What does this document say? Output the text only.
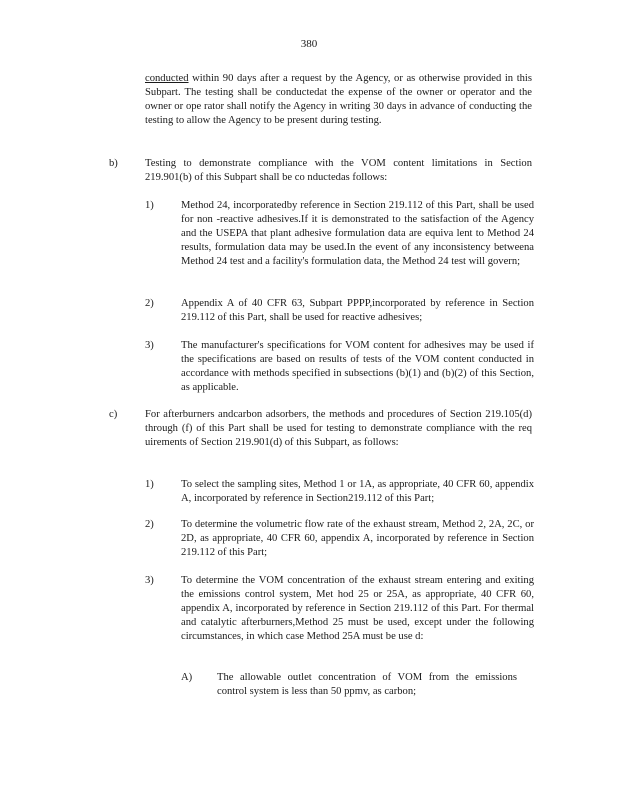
380
conducted within 90 days after a request by the Agency, or as otherwise provided in this Subpart. The testing shall be conductedat the expense of the owner or operator and the owner or ope rator shall notify the Agency in writing 30 days in advance of conducting the testing to allow the Agency to be present during testing.
b)	Testing to demonstrate compliance with the VOM content limitations in Section 219.901(b) of this Subpart shall be co nductedas follows:
1)	Method 24, incorporatedby reference in Section 219.112 of this Part, shall be used for non -reactive adhesives.If it is demonstrated to the satisfaction of the Agency and the USEPA that plant adhesive formulation data are equiva lent to Method 24 results, formulation data may be used.In the event of any inconsistency betweena Method 24 test and a facility's formulation data, the Method 24 test will govern;
2)	Appendix A of 40 CFR 63, Subpart PPPP,incorporated by reference in Section 219.112 of this Part, shall be used for reactive adhesives;
3)	The manufacturer's specifications for VOM content for adhesives may be used if the specifications are based on results of tests of the VOM content conducted in accordance with methods specified in subsections (b)(1) and (b)(2) of this Section, as applicable.
c)	For afterburners andcarbon adsorbers, the methods and procedures of Section 219.105(d) through (f) of this Part shall be used for testing to demonstrate compliance with the req uirements of Section 219.901(d) of this Subpart, as follows:
1)	To select the sampling sites, Method 1 or 1A, as appropriate, 40 CFR 60, appendix A, incorporated by reference in Section219.112 of this Part;
2)	To determine the volumetric flow rate of the exhaust stream, Method 2, 2A, 2C, or 2D, as appropriate, 40 CFR 60, appendix A, incorporated by reference in Section 219.112 of this Part;
3)	To determine the VOM concentration of the exhaust stream entering and exiting the emissions control system, Met hod 25 or 25A, as appropriate, 40 CFR 60, appendix A, incorporated by reference in Section 219.112 of this Part. For thermal and catalytic afterburners,Method 25 must be used, except under the following circumstances, in which case Method 25A must be use d:
A) The allowable outlet concentration of VOM from the emissions control system is less than 50 ppmv, as carbon;
